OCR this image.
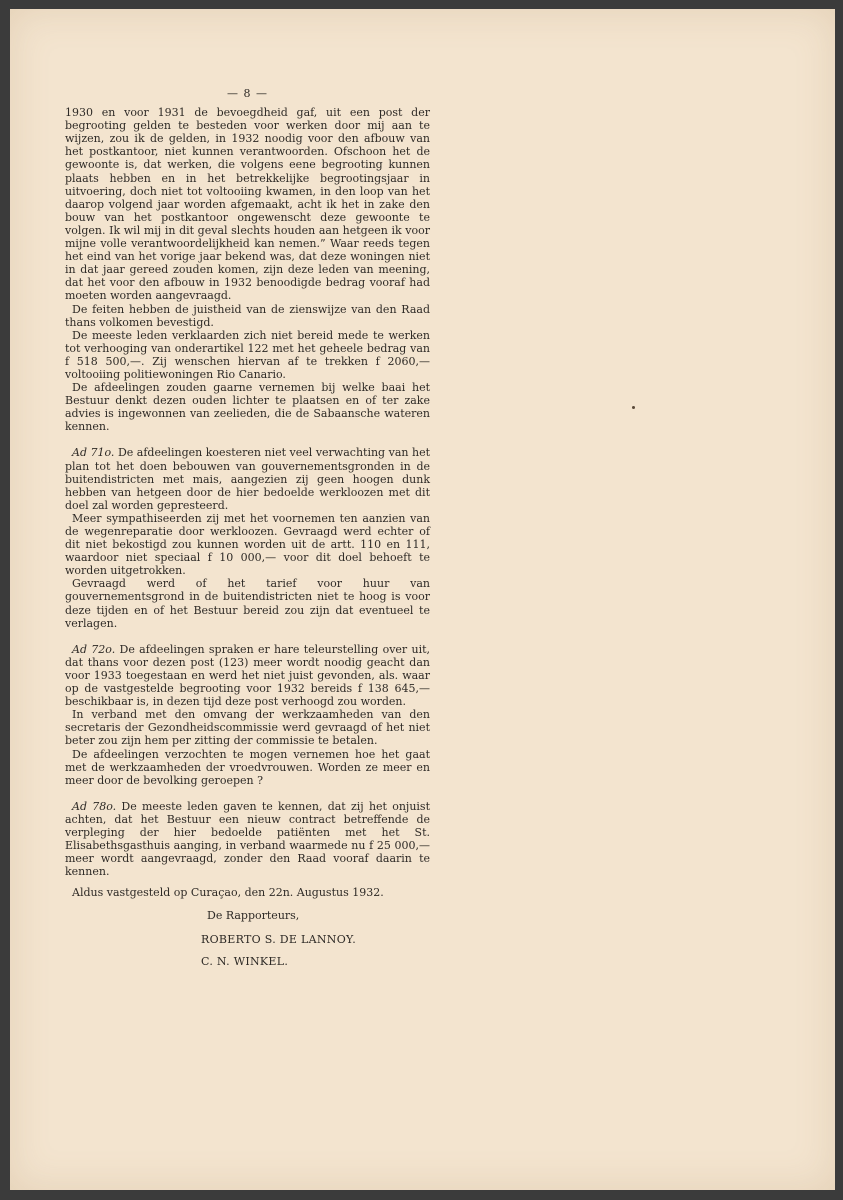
— 8 —

1930 en voor 1931 de bevoegdheid gaf, uit een post der begrooting gelden te besteden voor werken door mij aan te wijzen, zou ik de gelden, in 1932 noodig voor den afbouw van het postkantoor, niet kunnen verantwoorden. Ofschoon het de gewoonte is, dat werken, die volgens eene begrooting kunnen plaats hebben en in het betrekkelijke begrootingsjaar in uitvoering, doch niet tot voltooiing kwamen, in den loop van het daarop volgend jaar worden afgemaakt, acht ik het in zake den bouw van het postkantoor ongewenscht deze gewoonte te volgen. Ik wil mij in dit geval slechts houden aan hetgeen ik voor mijne volle verantwoordelijkheid kan nemen.” Waar reeds tegen het eind van het vorige jaar bekend was, dat deze woningen niet in dat jaar gereed zouden komen, zijn deze leden van meening, dat het voor den afbouw in 1932 benoodigde bedrag vooraf had moeten worden aangevraagd.

De feiten hebben de juistheid van de zienswijze van den Raad thans volkomen bevestigd.

De meeste leden verklaarden zich niet bereid mede te werken tot verhooging van onderartikel 122 met het geheele bedrag van f 518 500,—. Zij wenschen hiervan af te trekken f 2060,— voltooiing politiewoningen Rio Canario.

De afdeelingen zouden gaarne vernemen bij welke baai het Bestuur denkt dezen ouden lichter te plaatsen en of ter zake advies is ingewonnen van zeelieden, die de Sabaansche wateren kennen.

Ad 71o. De afdeelingen koesteren niet veel verwachting van het plan tot het doen bebouwen van gouvernementsgronden in de buitendistricten met mais, aangezien zij geen hoogen dunk hebben van hetgeen door de hier bedoelde werkloozen met dit doel zal worden gepresteerd.

Meer sympathiseerden zij met het voornemen ten aanzien van de wegenreparatie door werkloozen. Gevraagd werd echter of dit niet bekostigd zou kunnen worden uit de artt. 110 en 111, waardoor niet speciaal f 10 000,— voor dit doel behoeft te worden uitgetrokken.

Gevraagd werd of het tarief voor huur van gouvernementsgrond in de buitendistricten niet te hoog is voor deze tijden en of het Bestuur bereid zou zijn dat eventueel te verlagen.

Ad 72o. De afdeelingen spraken er hare teleurstelling over uit, dat thans voor dezen post (123) meer wordt noodig geacht dan voor 1933 toegestaan en werd het niet juist gevonden, als. waar op de vastgestelde begrooting voor 1932 bereids f 138 645,— beschikbaar is, in dezen tijd deze post verhoogd zou worden.

In verband met den omvang der werkzaamheden van den secretaris der Gezondheidscommissie werd gevraagd of het niet beter zou zijn hem per zitting der commissie te betalen.

De afdeelingen verzochten te mogen vernemen hoe het gaat met de werkzaamheden der vroedvrouwen. Worden ze meer en meer door de bevolking geroepen ?

Ad 78o. De meeste leden gaven te kennen, dat zij het onjuist achten, dat het Bestuur een nieuw contract betreffende de verpleging der hier bedoelde patiënten met het St. Elisabethsgasthuis aanging, in verband waarmede nu f 25 000,— meer wordt aangevraagd, zonder den Raad vooraf daarin te kennen.

Aldus vastgesteld op Curaçao, den 22n. Augustus 1932.
De Rapporteurs,
ROBERTO S. DE LANNOY.
C. N. WINKEL.
